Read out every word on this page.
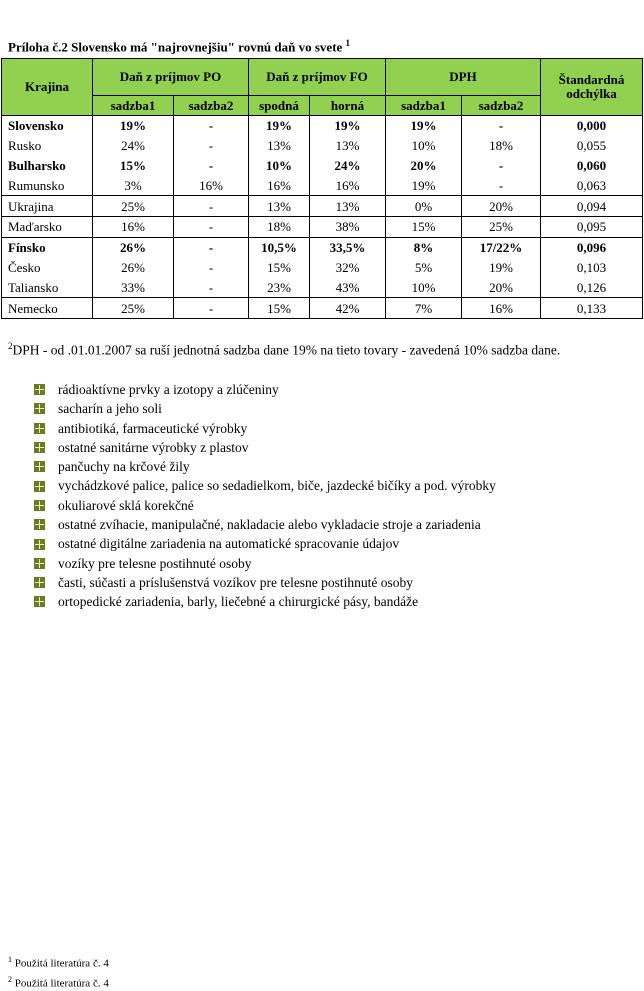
Príloha č.2 Slovensko má "najrovnejšiu" rovnú daň vo svete $^1$
Krajina	Daň z príjmov PO		Daň z príjmov FO		DPH		Štandardná odchýlka
	sadzba1	sadzba2	spodná	horná	sadzba1	sadzba2	
Slovensko	19%	-	19%	19%	19%	-	0,000
Rusko	24%	-	13%	13%	10%	18%	0,055
Bulharsko	15%	-	10%	24%	20%	-	0,060
Rumunsko	3%	16%	16%	16%	19%	-	0,063
Ukrajina	25%	-	13%	13%	0%	20%	0,094
Maďarsko	16%	-	18%	38%	15%	25%	0,095
Fínsko	26%	-	10,5%	33,5%	8%	17/22%	0,096
Česko	26%	-	15%	32%	5%	19%	0,103
Taliansko	33%	-	23%	43%	10%	20%	0,126
Nemecko	25%	-	15%	42%	7%	16%	0,133
$^2$DPH - od .01.01.2007 sa ruší jednotná sadzba dane 19% na tieto tovary - zavedená 10% sadzba dane.
rádioaktívne prvky a izotopy a zlúčeniny
sacharín a jeho soli
antibiotiká, farmaceutické výrobky
ostatné sanitárne výrobky z plastov
pančuchy na krčové žily
vychádzkové palice, palice so sedadielkom, biče, jazdecké bičíky a pod. výrobky
okuliarové sklá korekčné
ostatné zvíhacie, manipulačné, nakladacie alebo vykladacie stroje a zariadenia
ostatné digitálne zariadenia na automatické spracovanie údajov
vozíky pre telesne postihnuté osoby
časti, súčasti a príslušenstvá vozíkov pre telesne postihnuté osoby
ortopedické zariadenia, barly, liečebné a chirurgické pásy, bandáže
$^1$ Použitá literatúra č. 4
$^2$ Použitá literatúra č. 4
